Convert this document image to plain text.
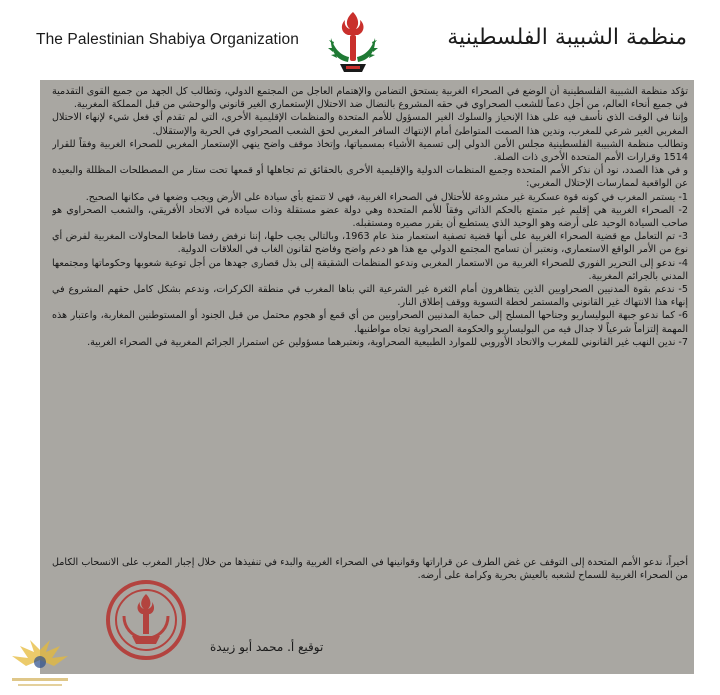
The Palestinian Shabiya Organization	منظمة الشبيبة الفلسطينية

تؤكد منظمة الشبيبة الفلسطينية أن الوضع في الصحراء الغربية يستحق التضامن والإهتمام العاجل من المجتمع الدولي، وتطالب كل الجهد من جميع القوى التقدمية في جميع أنحاء العالم، من أجل دعماً للشعب الصحراوي في حقه المشروع بالنضال ضد الاحتلال الإستعماري الغير قانوني والوحشي من قبل المملكة المغربية.

وإننا في الوقت الذي نأسف فيه على هذا الإنحياز والسلوك الغير المسؤول للأمم المتحدة والمنظمات الإقليمية الأخرى، التي لم تقدم أي فعل شيء لإنهاء الاحتلال المغربي الغير شرعي للمغرب، وندين هذا الصمت المتواطئ أمام الإنتهاك السافر المغربي لحق الشعب الصحراوي في الحرية والإستقلال.

وتطالب منظمة الشبيبة الفلسطينية مجلس الأمن الدولي إلى تسمية الأشياء بمسمياتها، وإتخاذ موقف واضح ينهي الإستعمار المغربي للصحراء الغربية وفقاً للقرار 1514 وقرارات الأمم المتحدة الأخرى ذات الصلة.

و في هذا الصدد، نود أن نذكر الأمم المتحدة وجميع المنظمات الدولية والإقليمية الأخرى بالحقائق تم تجاهلها أو قمعها تحت ستار من المصطلحات المظللة والبعيدة عن الواقعية لممارسات الإحتلال المغربي:

1- يستمر المغرب في كونه قوة عسكرية غير مشروعة للأحتلال في الصحراء الغربية، فهي لا تتمتع بأي سيادة على الأرض ويجب وضعها في مكانها الصحيح.

2- الصحراء الغربية هي إقليم غير متمتع بالحكم الذاتي وفقاً للأمم المتحدة وهي دولة عضو مستقلة وذات سيادة في الاتحاد الأفريقي، والشعب الصحراوي هو صاحب السيادة الوحيد على أرضه وهو الوحيد الذي يستطيع أن يقرر مصيره ومستقبله.

3- تم التعامل مع قضية الصحراء الغربية على أنها قضية تصفية استعمار منذ عام 1963، وبالتالي يجب حلها، إننا نرفض رفضا قاطعا المحاولات المغربية لفرض أي نوع من الأمر الواقع الاستعماري، ونعتبر أن تسامح المجتمع الدولي مع هذا هو دعم واضح وفاضح لقانون الغاب في العلاقات الدولية.

4- ندعو إلى التحرير الفوري للصحراء الغربية من الاستعمار المغربي وندعو المنظمات الشقيقة إلى بذل قصارى جهدها من أجل توعية شعوبها وحكوماتها ومجتمعها المدني بالجرائم المغربية.

5- ندعم بقوة المدنيين الصحراويين الذين يتظاهرون أمام الثغرة غير الشرعية التي بناها المغرب في منطقة الكركرات، وندعم بشكل كامل حقهم المشروع في إنهاء هذا الانتهاك غير القانوني والمستمر لخطة التسوية ووقف إطلاق النار.

6- كما ندعو جبهة البوليساريو وجناحها المسلح إلى حماية المدنيين الصحراويين من أي قمع أو هجوم محتمل من قبل الجنود أو المستوطنين المغاربة، واعتبار هذه المهمة إلتزاماً شرعياً لا جدال فيه من البوليساريو والحكومة الصحراوية تجاه مواطنيها.

7- ندين النهب غير القانوني للمغرب والاتحاد الأوروبي للموارد الطبيعية الصحراوية، ونعتبرهما مسؤولين عن استمرار الجرائم المغربية في الصحراء الغربية.

أخيراً، ندعو الأمم المتحدة إلى التوقف عن غض الطرف عن قراراتها وقوانينها في الصحراء الغربية والبدء في تنفيذها من خلال إجبار المغرب على الانسحاب الكامل من الصحراء الغربية للسماح لشعبه بالعيش بحرية وكرامة على أرضه.
توقيع أ. محمد أبو زبيدة
